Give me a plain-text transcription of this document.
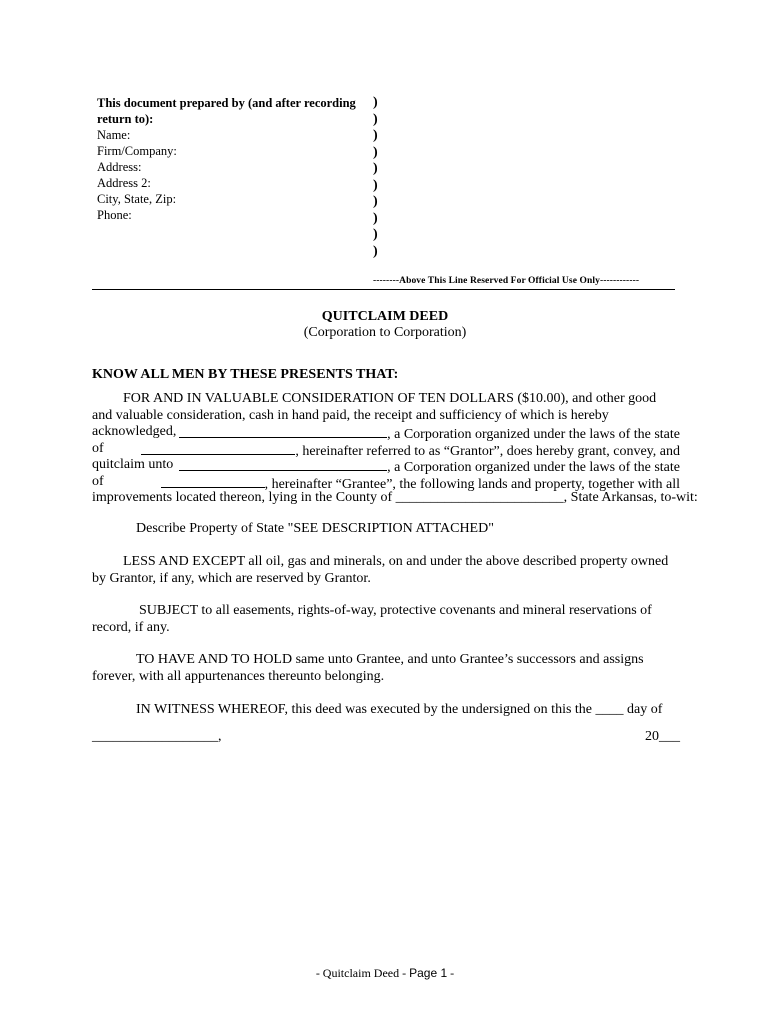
This document prepared by (and after recording
return to):
Name:
Firm/Company:
Address:
Address 2:
City, State, Zip:
Phone:
)
)
)
)
)
)
)
)
)
)
--------Above This Line Reserved For Official Use Only------------
QUITCLAIM DEED
(Corporation to Corporation)
KNOW ALL MEN BY THESE PRESENTS THAT:
FOR AND IN VALUABLE CONSIDERATION OF TEN DOLLARS ($10.00), and other good
and valuable consideration, cash in hand paid, the receipt and sufficiency of which is hereby
acknowledged,	, a Corporation organized under the laws of the state
of	, hereinafter referred to as “Grantor”, does hereby grant, convey, and
quitclaim unto	, a Corporation organized under the laws of the state
of	, hereinafter “Grantee”, the following lands and property, together with all
improvements located thereon, lying in the County of ________________________, State Arkansas, to-wit:
Describe Property of State "SEE DESCRIPTION ATTACHED"
LESS AND EXCEPT all oil, gas and minerals, on and under the above described property owned
by Grantor, if any, which are reserved by Grantor.
SUBJECT to all easements, rights-of-way, protective covenants and mineral reservations of
record, if any.
TO HAVE AND TO HOLD same unto Grantee, and unto Grantee’s successors and assigns
forever, with all appurtenances thereunto belonging.
IN WITNESS WHEREOF, this deed was executed by the undersigned on this the ____ day of
__________________,	20___
- Quitclaim Deed - Page 1 -
